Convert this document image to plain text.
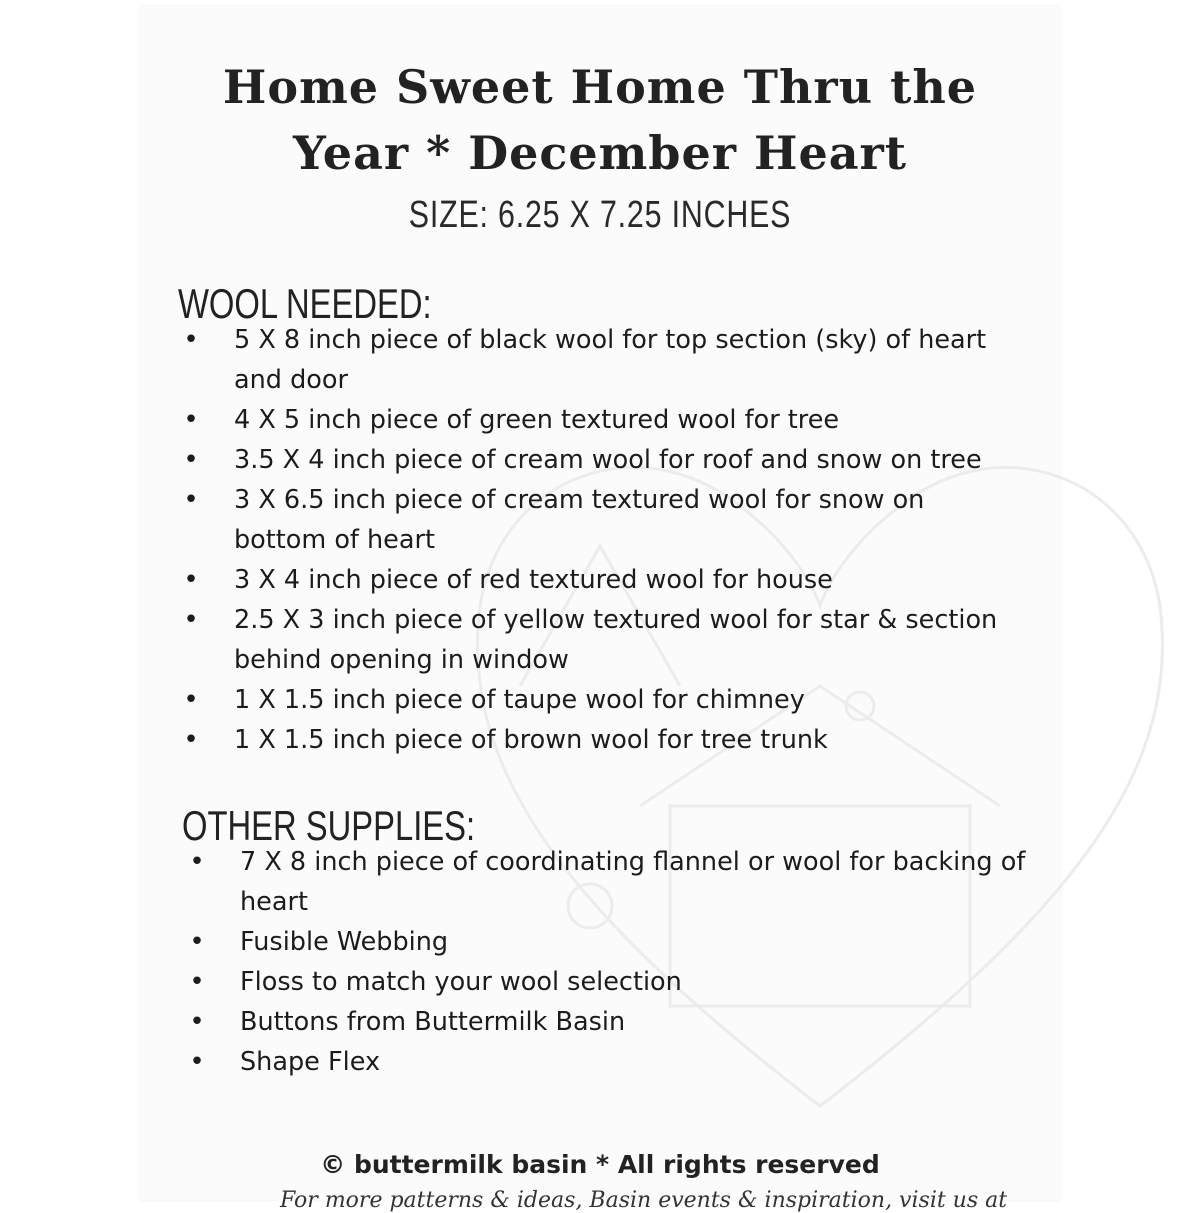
Home Sweet Home Thru the
Year * December Heart
SIZE: 6.25 X 7.25 INCHES
WOOL NEEDED:
• 5 X 8 inch piece of black wool for top section (sky) of heart and door
• 4 X 5 inch piece of green textured wool for tree
• 3.5 X 4 inch piece of cream wool for roof and snow on tree
• 3 X 6.5 inch piece of cream textured wool for snow on bottom of heart
• 3 X 4 inch piece of red textured wool for house
• 2.5 X 3 inch piece of yellow textured wool for star & section behind opening in window
• 1 X 1.5 inch piece of taupe wool for chimney
• 1 X 1.5 inch piece of brown wool for tree trunk
OTHER SUPPLIES:
• 7 X 8 inch piece of coordinating flannel or wool for backing of heart
• Fusible Webbing
• Floss to match your wool selection
• Buttons from Buttermilk Basin
• Shape Flex
© buttermilk basin * All rights reserved
For more patterns & ideas, Basin events & inspiration, visit us at
